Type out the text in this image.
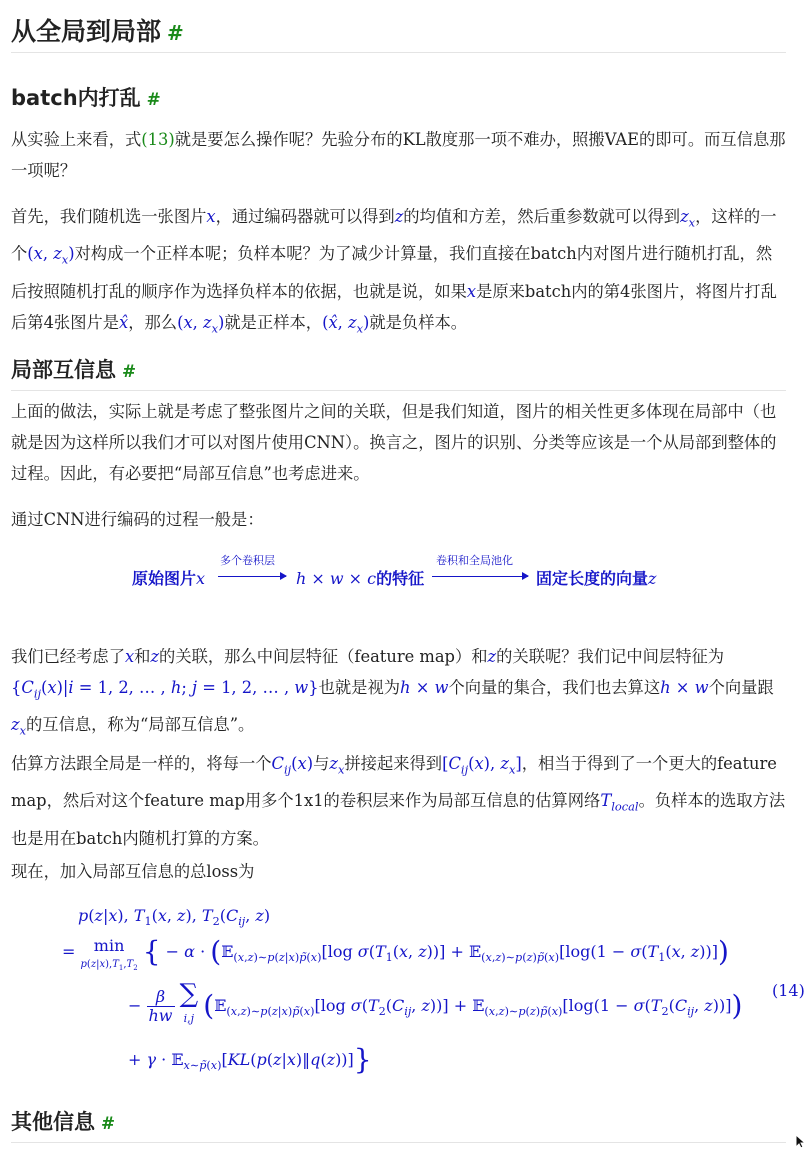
从全局到局部 #
batch内打乱 #

从实验上来看，式(13)就是要怎么操作呢？先验分布的KL散度那一项不难办，照搬VAE的即可。而互信息那一项呢？

首先，我们随机选一张图片x，通过编码器就可以得到z的均值和方差，然后重参数就可以得到$z_x$，这样的一个(x, $z_x$)对构成一个正样本呢；负样本呢？为了减少计算量，我们直接在batch内对图片进行随机打乱，然后按照随机打乱的顺序作为选择负样本的依据，也就是说，如果x是原来batch内的第4张图片，将图片打乱后第4张图片是x̂，那么(x, $z_x$)就是正样本，(x̂, $z_x$)就是负样本。

局部互信息 #

上面的做法，实际上就是考虑了整张图片之间的关联，但是我们知道，图片的相关性更多体现在局部中（也就是因为这样所以我们才可以对图片使用CNN）。换言之，图片的识别、分类等应该是一个从局部到整体的过程。因此，有必要把“局部互信息”也考虑进来。

通过CNN进行编码的过程一般是：

原始图片x
多个卷积层
h × w × c的特征
卷积和全局池化
固定长度的向量z

我们已经考虑了x和z的关联，那么中间层特征（feature map）和z的关联呢？我们记中间层特征为{$C_{ij}(x)|i = 1$, 2, … , h; j = 1, 2, … , w}也就是视为h × w个向量的集合，我们也去算这h × w个向量跟$z_x$的互信息，称为“局部互信息”。

估算方法跟全局是一样的，将每一个$C_{ij}(x)$与$z_x$拼接起来得到[$C_{ij}(x)$, $z_x$]，相当于得到了一个更大的feature map，然后对这个feature map用多个1x1的卷积层来作为局部互信息的估算网络$T_{local}$。负样本的选取方法也是用在batch内随机打算的方案。

现在，加入局部互信息的总loss为

p(z|x), $T_1(x$, z), $T_2(C_{ij}$, z)
= min
$p(z|x),T_1,T_2$ { − α · (𝔼$_{(x,z)\sim p(z|x)p̃(x)}$[log $\sigma(T_1(x$, z))] + 𝔼$_{(x,z)\sim p(z)p̃(x)}$[log(1 − $\sigma(T_1(x$, z))])
− $\frac{\beta}{hw}$ ∑
i,j (𝔼$_{(x,z)\sim p(z|x)p̃(x)}$[log $\sigma(T_2(C_{ij}$, z))] + 𝔼$_{(x,z)\sim p(z)p̃(x)}$[log(1 − $\sigma(T_2(C_{ij}$, z))])
+ γ · 𝔼$_{x\sim p̃(x)}$[KL(p(z|x)‖q(z))]}
(14)
其他信息 #
